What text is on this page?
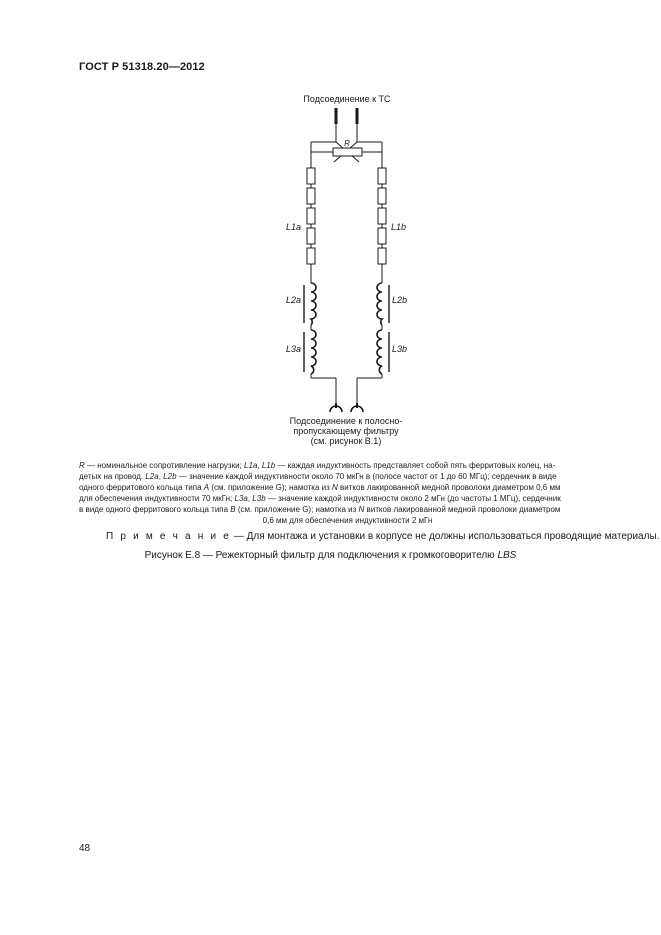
ГОСТ Р 51318.20—2012
Подсоединение к ТС
R
L1a	L1b
L2a	L2b
L3a	L3b
Подсоединение к полосно-
пропускающему фильтру
(см. рисунок В.1)
R — номинальное сопротивление нагрузки; L1a, L1b — каждая индуктивность представляет собой пять ферритовых колец, на-
детых на провод. L2a, L2b — значение каждой индуктивности около 70 мкГн в (полосе частот от 1 до 60 МГц); сердечник в виде
одного ферритового кольца типа A (см. приложение G); намотка из N витков лакированной медной проволоки диаметром 0,6 мм
для обеспечения индуктивности 70 мкГн; L3a, L3b — значение каждой индуктивности около 2 мГн (до частоты 1 МГц), сердечник
в виде одного ферритового кольца типа B (см. приложение G); намотка из N витков лакированной медной проволоки диаметром
0,6 мм для обеспечения индуктивности 2 мГн
П р и м е ч а н и е — Для монтажа и установки в корпусе не должны использоваться проводящие материалы.
Рисунок Е.8 — Режекторный фильтр для подключения к громкоговорителю LBS
48
